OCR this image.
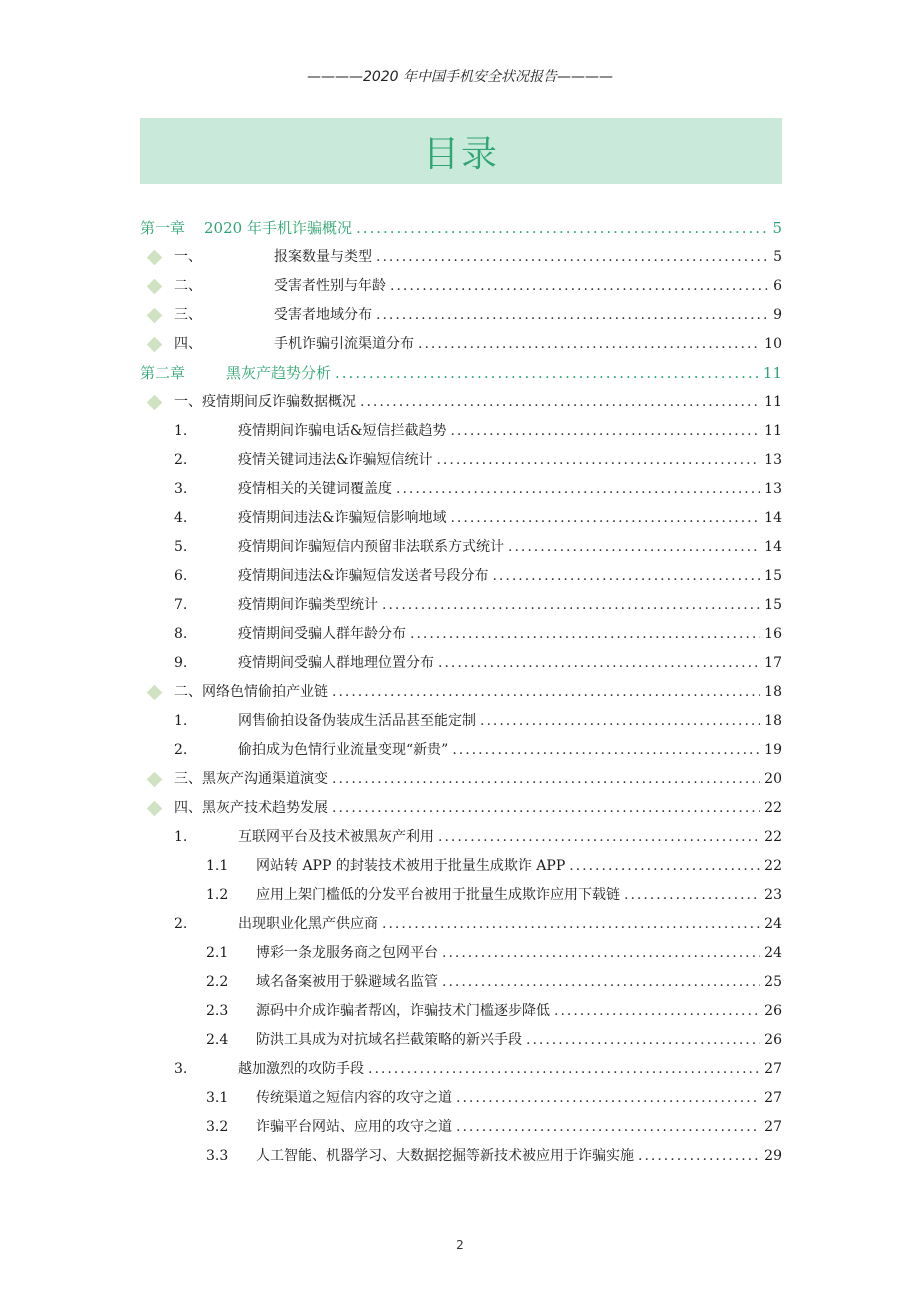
————2020 年中国手机安全状况报告————
目录
第一章	2020 年手机诈骗概况 .....	5
一、	报案数量与类型 .....	5
二、	受害者性别与年龄 .....	6
三、	受害者地域分布 .....	9
四、	手机诈骗引流渠道分布 .....	10
第二章	黑灰产趋势分析 .....	11
一、 疫情期间反诈骗数据概况 .....	11
1.	疫情期间诈骗电话&短信拦截趋势 .....	11
2.	疫情关键词违法&诈骗短信统计 .....	13
3.	疫情相关的关键词覆盖度 .....	13
4.	疫情期间违法&诈骗短信影响地域 .....	14
5.	疫情期间诈骗短信内预留非法联系方式统计 .....	14
6.	疫情期间违法&诈骗短信发送者号段分布 .....	15
7.	疫情期间诈骗类型统计 .....	15
8.	疫情期间受骗人群年龄分布 .....	16
9.	疫情期间受骗人群地理位置分布 .....	17
二、 网络色情偷拍产业链 .....	18
1.	网售偷拍设备伪装成生活品甚至能定制 .....	18
2.	偷拍成为色情行业流量变现“新贵” .....	19
三、 黑灰产沟通渠道演变 .....	20
四、 黑灰产技术趋势发展 .....	22
1.	互联网平台及技术被黑灰产利用 .....	22
1.1	网站转 APP 的封装技术被用于批量生成欺诈 APP .....	22
1.2	应用上架门槛低的分发平台被用于批量生成欺诈应用下载链 .....	23
2.	出现职业化黑产供应商 .....	24
2.1	博彩一条龙服务商之包网平台 .....	24
2.2	域名备案被用于躲避域名监管 .....	25
2.3	源码中介成诈骗者帮凶，诈骗技术门槛逐步降低 .....	26
2.4	防洪工具成为对抗域名拦截策略的新兴手段 .....	26
3.	越加激烈的攻防手段 .....	27
3.1	传统渠道之短信内容的攻守之道 .....	27
3.2	诈骗平台网站、应用的攻守之道 .....	27
3.3	人工智能、机器学习、大数据挖掘等新技术被应用于诈骗实施 .....	29
2
